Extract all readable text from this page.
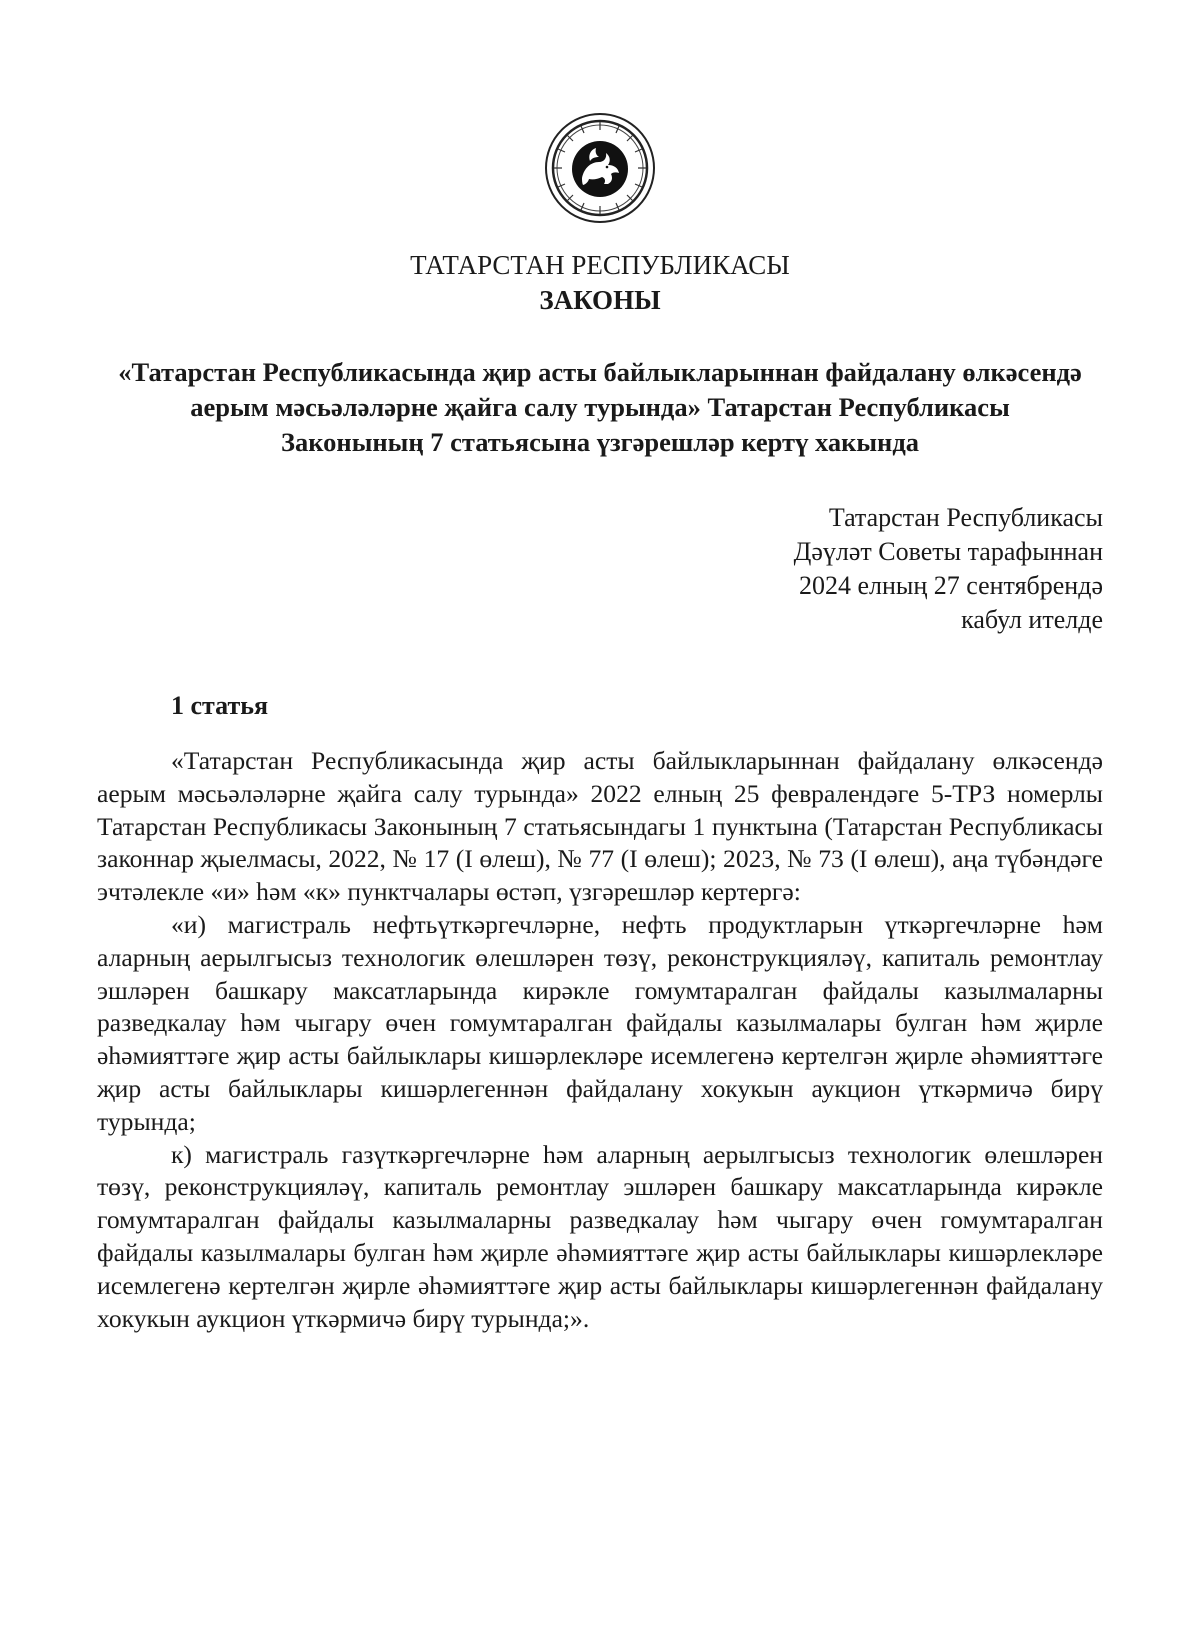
ТАТАРСТАН РЕСПУБЛИКАСЫ
ЗАКОНЫ
«Татарстан Республикасында җир асты байлыкларыннан файдалану өлкәсендә
аерым мәсьәләләрне җайга салу турында» Татарстан Республикасы
Законының 7 статьясына үзгәрешләр кертү хакында
Татарстан Республикасы
Дәүләт Советы тарафыннан
2024 елның 27 сентябрендә
кабул ителде
1 статья

«Татарстан Республикасында җир асты байлыкларыннан файдалану өлкәсендә аерым мәсьәләләрне җайга салу турында» 2022 елның 25 февралендәге 5-ТРЗ номерлы Татарстан Республикасы Законының 7 статьясындагы 1 пунктына (Татарстан Республикасы законнар җыелмасы, 2022, № 17 (I өлеш), № 77 (I өлеш); 2023, № 73 (I өлеш), аңа түбәндәге эчтәлекле «и» һәм «к» пунктчалары өстәп, үзгәрешләр кертергә:

«и) магистраль нефтьүткәргечләрне, нефть продуктларын үткәргечләрне һәм аларның аерылгысыз технологик өлешләрен төзү, реконструкцияләү, капиталь ремонтлау эшләрен башкару максатларында кирәкле гомумтаралган файдалы казылмаларны разведкалау һәм чыгару өчен гомумтаралган файдалы казылмалары булган һәм җирле әһәмияттәге җир асты байлыклары кишәрлекләре исемлегенә кертелгән җирле әһәмияттәге җир асты байлыклары кишәрлегеннән файдалану хокукын аукцион үткәрмичә бирү турында;

к) магистраль газүткәргечләрне һәм аларның аерылгысыз технологик өлешләрен төзү, реконструкцияләү, капиталь ремонтлау эшләрен башкару максатларында кирәкле гомумтаралган файдалы казылмаларны разведкалау һәм чыгару өчен гомумтаралган файдалы казылмалары булган һәм җирле әһәмияттәге җир асты байлыклары кишәрлекләре исемлегенә кертелгән җирле әһәмияттәге җир асты байлыклары кишәрлегеннән файдалану хокукын аукцион үткәрмичә бирү турында;».
